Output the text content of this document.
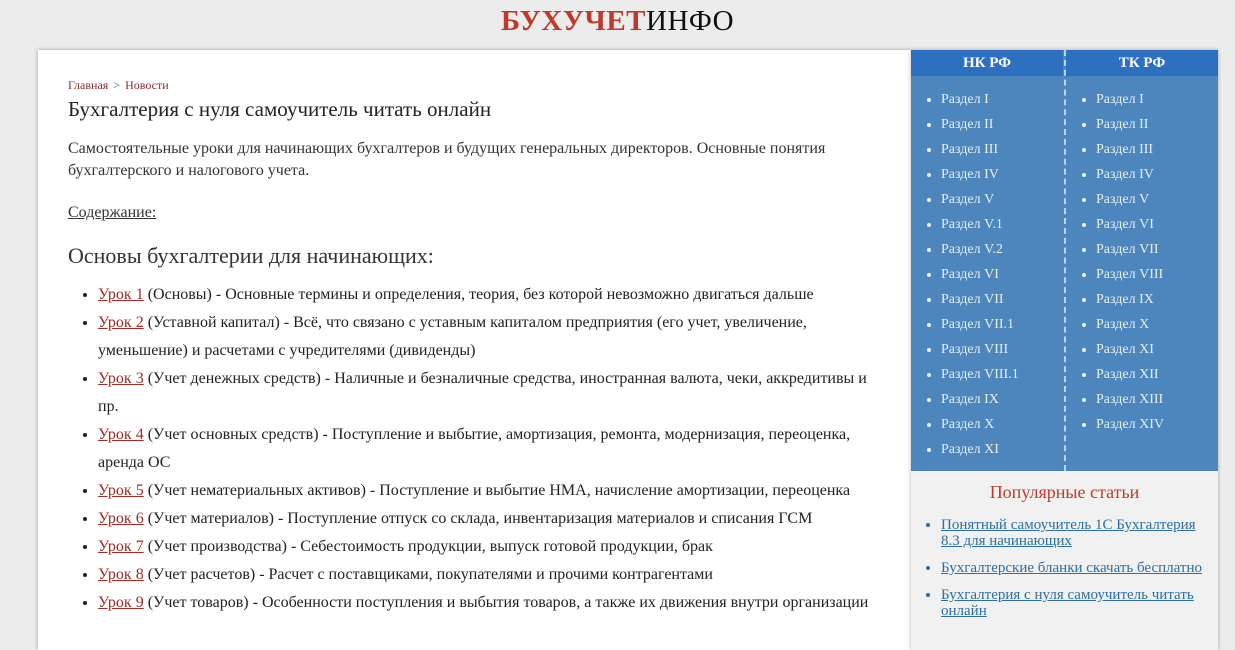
БУХУЧЕТИНФО
Главная > Новости
Бухгалтерия с нуля самоучитель читать онлайн

Самостоятельные уроки для начинающих бухгалтеров и будущих генеральных директоров. Основные понятия бухгалтерского и налогового учета.

Содержание:
Основы бухгалтерии для начинающих:
• Урок 1 (Основы) - Основные термины и определения, теория, без которой невозможно двигаться дальше
• Урок 2 (Уставной капитал) - Всё, что связано с уставным капиталом предприятия (его учет, увеличение, уменьшение) и расчетами с учредителями (дивиденды)
• Урок 3 (Учет денежных средств) - Наличные и безналичные средства, иностранная валюта, чеки, аккредитивы и пр.
• Урок 4 (Учет основных средств) - Поступление и выбытие, амортизация, ремонта, модернизация, переоценка, аренда ОС
• Урок 5 (Учет нематериальных активов) - Поступление и выбытие НМА, начисление амортизации, переоценка
• Урок 6 (Учет материалов) - Поступление отпуск со склада, инвентаризация материалов и списания ГСМ
• Урок 7 (Учет производства) - Себестоимость продукции, выпуск готовой продукции, брак
• Урок 8 (Учет расчетов) - Расчет с поставщиками, покупателями и прочими контрагентами
• Урок 9 (Учет товаров) - Особенности поступления и выбытия товаров, а также их движения внутри организации
НК РФ
• Раздел I
• Раздел II
• Раздел III
• Раздел IV
• Раздел V
• Раздел V.1
• Раздел V.2
• Раздел VI
• Раздел VII
• Раздел VII.1
• Раздел VIII
• Раздел VIII.1
• Раздел IX
• Раздел X
• Раздел XI
ТК РФ
• Раздел I
• Раздел II
• Раздел III
• Раздел IV
• Раздел V
• Раздел VI
• Раздел VII
• Раздел VIII
• Раздел IX
• Раздел X
• Раздел XI
• Раздел XII
• Раздел XIII
• Раздел XIV
Популярные статьи
• Понятный самоучитель 1С Бухгалтерия 8.3 для начинающих
• Бухгалтерские бланки скачать бесплатно
• Бухгалтерия с нуля самоучитель читать онлайн
